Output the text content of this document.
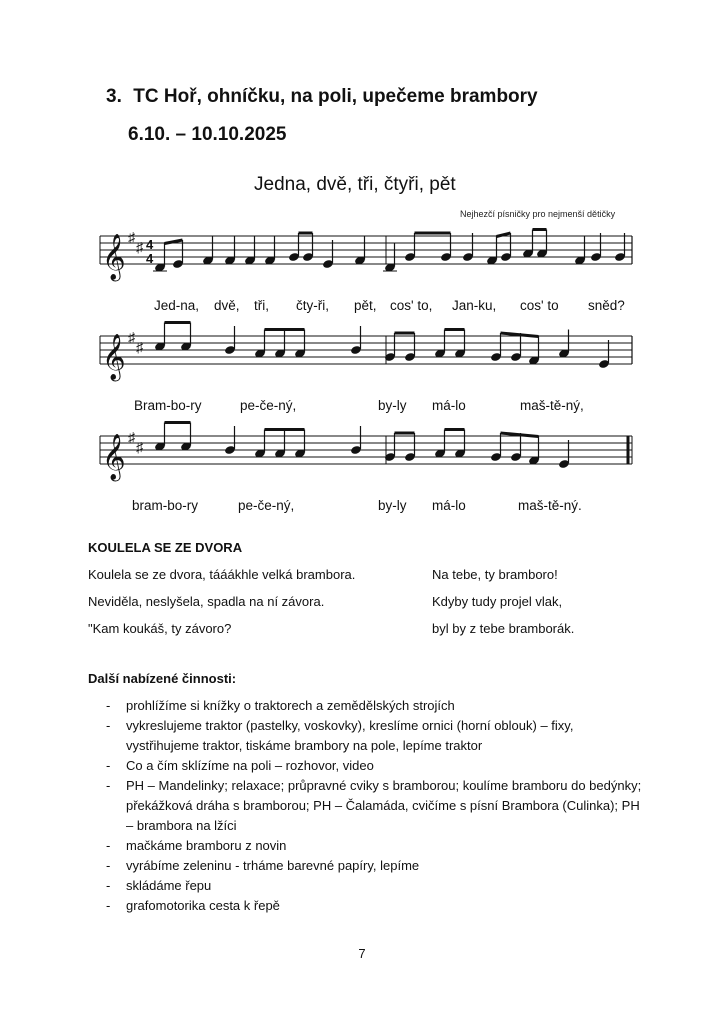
3. TC Hoř, ohníčku, na poli, upečeme brambory
6.10. – 10.10.2025
Jedna, dvě, tři, čtyři, pět
Nejhezčí písničky pro nejmenší dětičky
𝄞 ♯
♯ 4
4
𝄞 ♯
♯
𝄞 ♯
♯
Jed-na, dvě, tři, čty-ři, pět, cos' to, Jan-ku, cos' to sněd?
Bram-bo-ry	pe-če-ný,	by-ly má-lo	maš-tě-ný,
bram-bo-ry	pe-če-ný,	by-ly má-lo	maš-tě-ný.
KOULELA SE ZE DVORA
Koulela se ze dvora, tááákhle velká brambora.
Neviděla, neslyšela, spadla na ní závora.
"Kam koukáš, ty závoro?
Na tebe, ty bramboro!
Kdyby tudy projel vlak,
byl by z tebe bramborák.
Další nabízené činnosti:
- prohlížíme si knížky o traktorech a zemědělských strojích
- vykreslujeme traktor (pastelky, voskovky), kreslíme ornici (horní oblouk) – fixy, vystřihujeme traktor, tiskáme brambory na pole, lepíme traktor
- Co a čím sklízíme na poli – rozhovor, video
- PH – Mandelinky; relaxace; průpravné cviky s bramborou; koulíme bramboru do bedýnky; překážková dráha s bramborou; PH – Čalamáda, cvičíme s písní Brambora (Culinka); PH – brambora na lžíci
- mačkáme bramboru z novin
- vyrábíme zeleninu - trháme barevné papíry, lepíme
- skládáme řepu
- grafomotorika cesta k řepě
7
